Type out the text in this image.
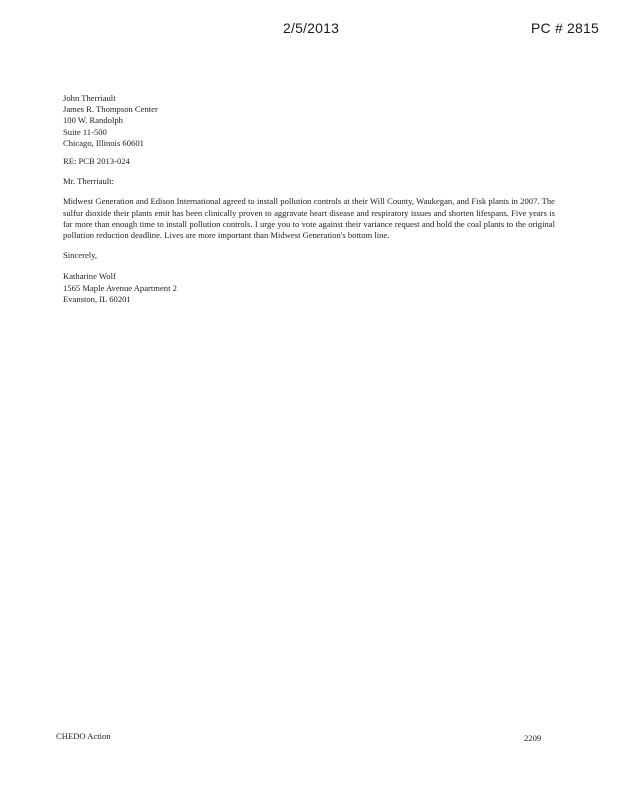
2/5/2013	PC # 2815
John Therriault
James R. Thompson Center
100 W. Randolph
Suite 11-500
Chicago, Illinois 60601
RE: PCB 2013-024
Mr. Therriault:

Midwest Generation and Edison International agreed to install pollution controls at their Will County, Waukegan, and Fisk plants in 2007. The sulfur dioxide their plants emit has been clinically proven to aggravate heart disease and respiratory issues and shorten lifespans. Five years is far more than enough time to install pollution controls. I urge you to vote against their variance request and hold the coal plants to the original pollution reduction deadline. Lives are more important than Midwest Generation's bottom line.

Sincerely,
Katharine Wolf
1565 Maple Avenue Apartment 2
Evanston, IL 60201
CHEDO Action	2209
